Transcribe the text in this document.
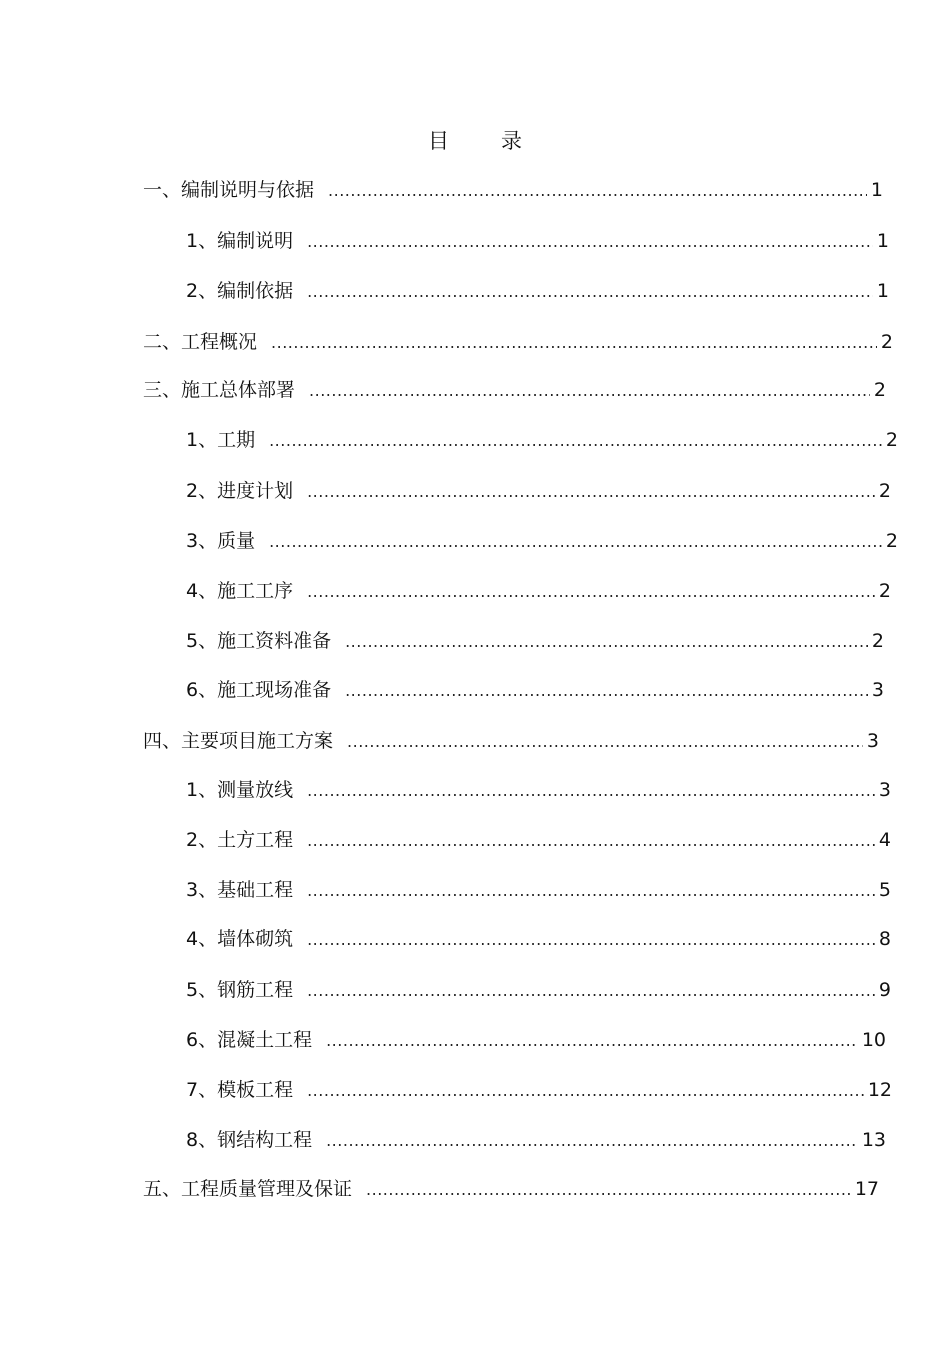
目 录
一、编制说明与依据 .....	1
1、编制说明 .....	1
2、编制依据 .....	1
二、工程概况 .....	2
三、施工总体部署 .....	2
1、工期 .....	2
2、进度计划 .....	2
3、质量 .....	2
4、施工工序 .....	2
5、施工资料准备 .....	2
6、施工现场准备 .....	3
四、主要项目施工方案 .....	3
1、测量放线 .....	3
2、土方工程 .....	4
3、基础工程 .....	5
4、墙体砌筑 .....	8
5、钢筋工程 .....	9
6、混凝土工程 .....	10
7、模板工程 .....	12
8、钢结构工程 .....	13
五、工程质量管理及保证 .....	17
